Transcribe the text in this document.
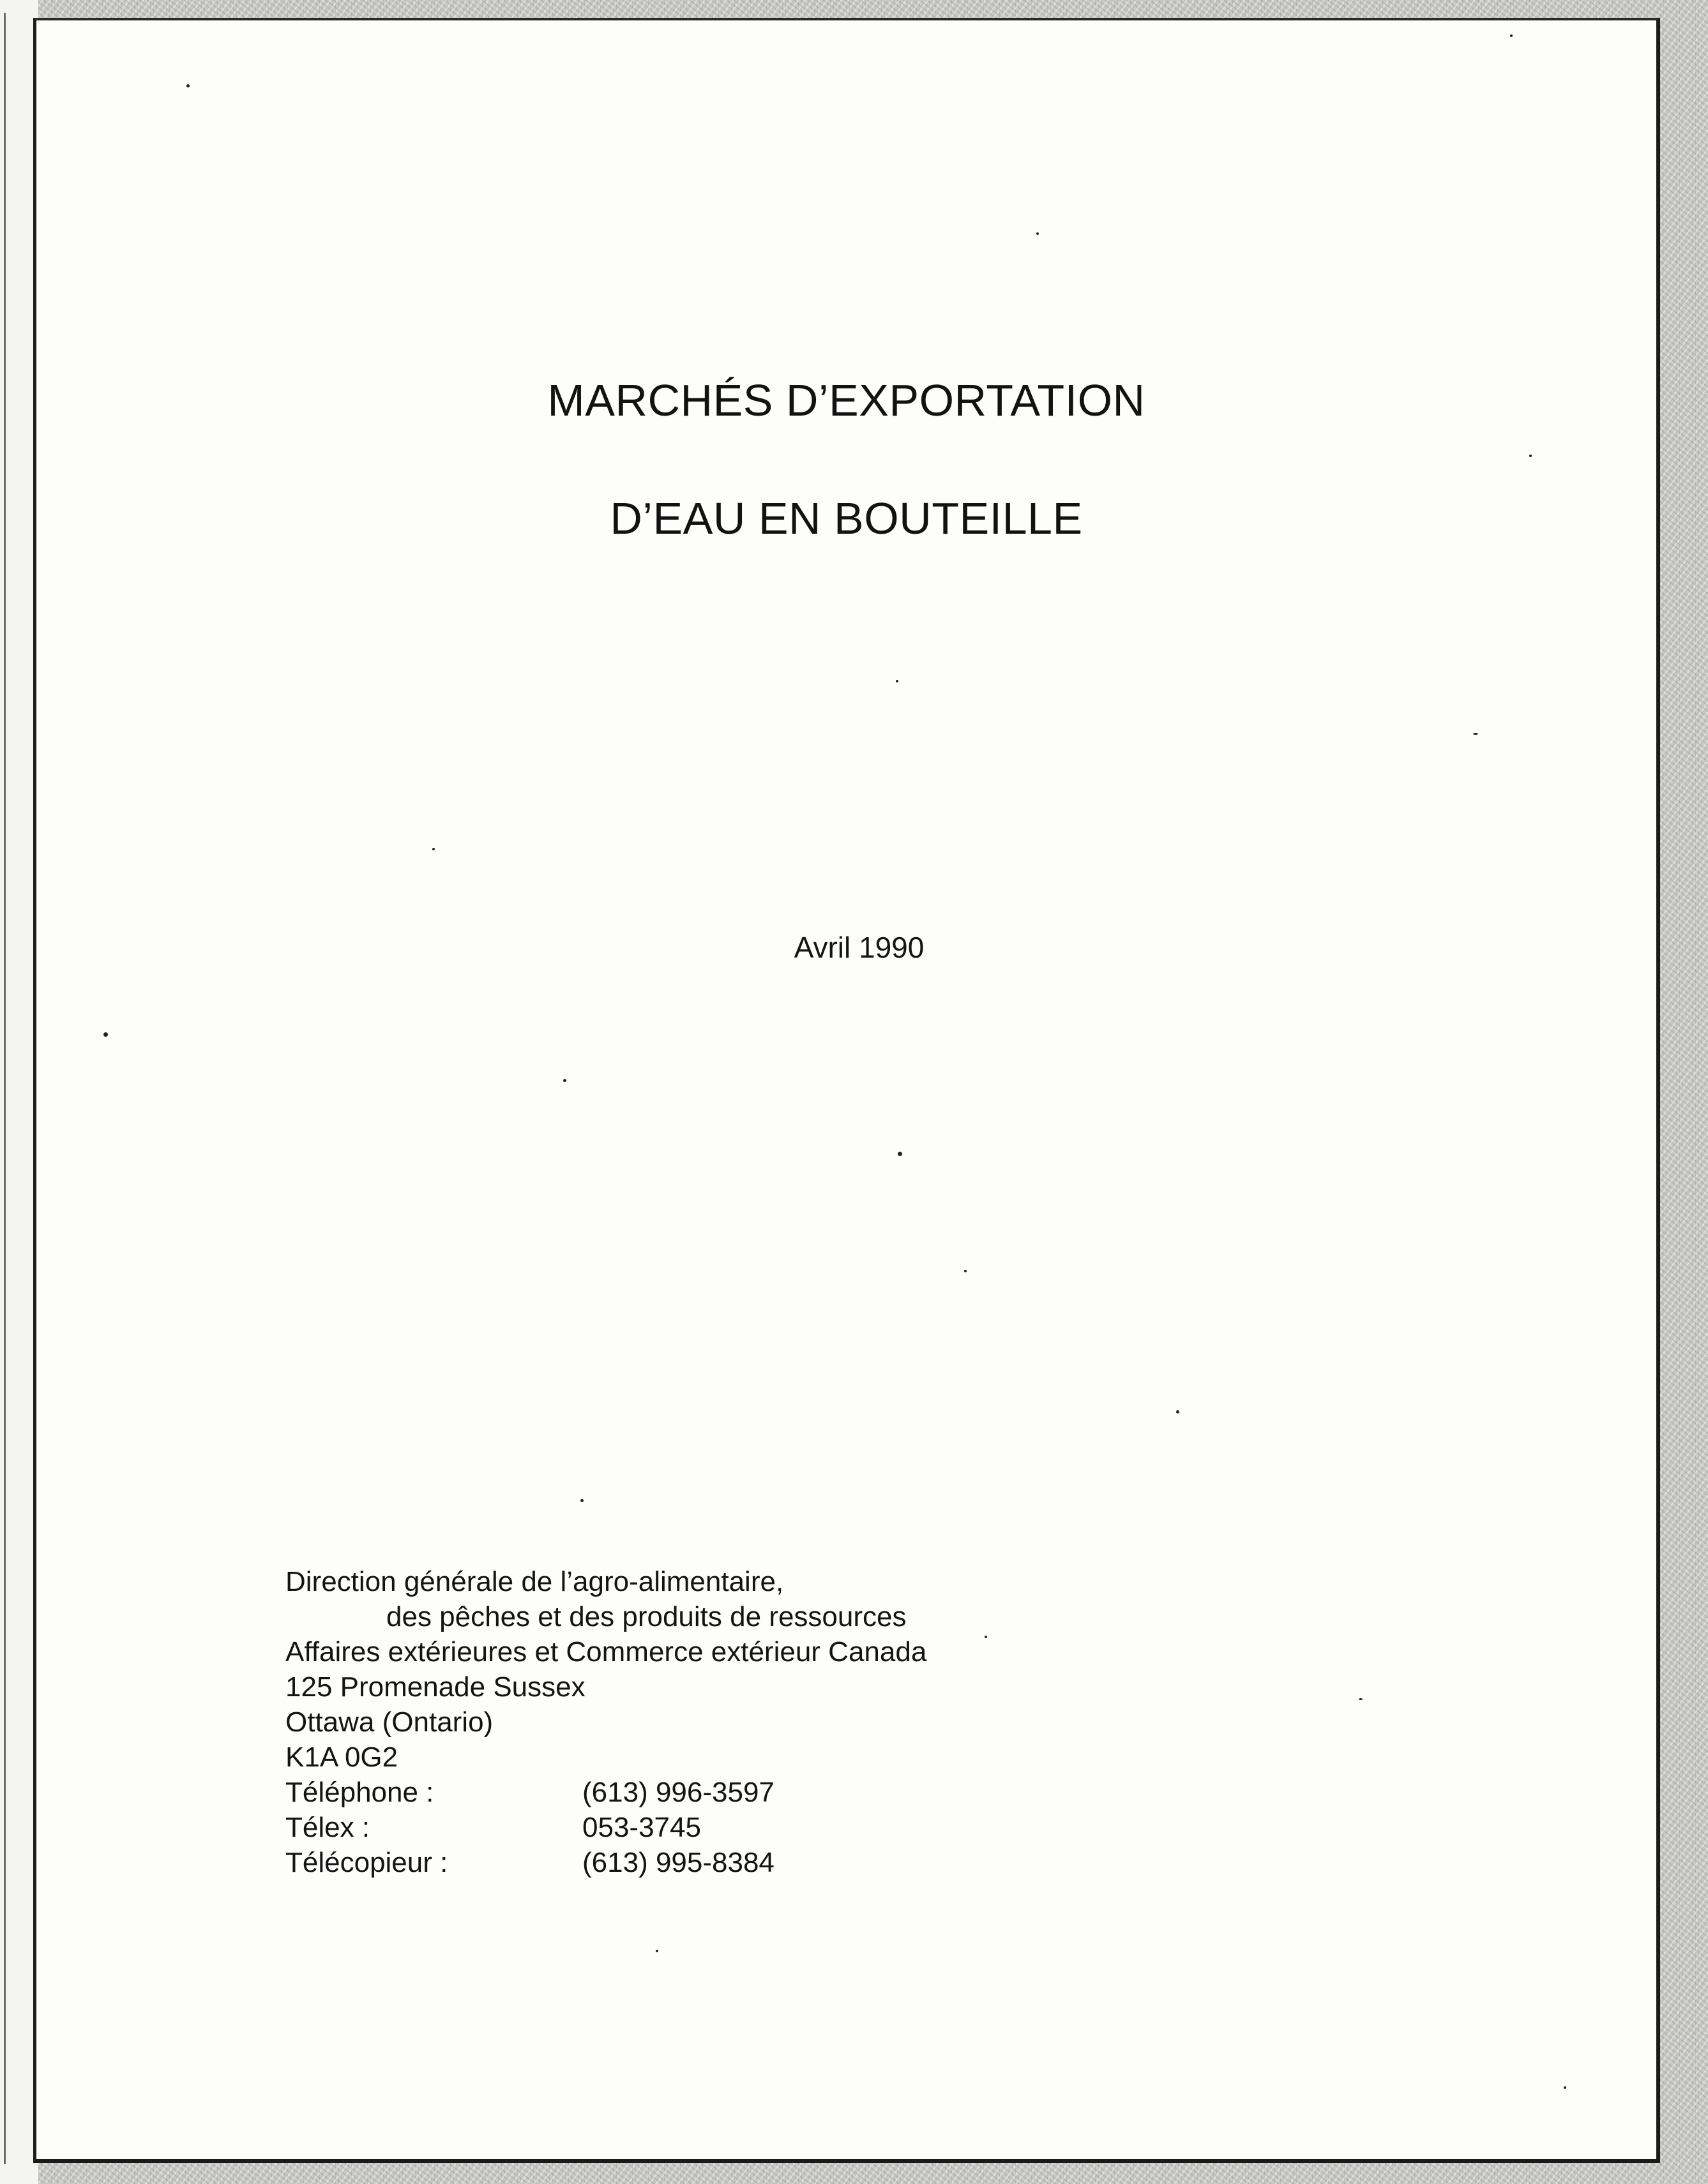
MARCHÉS D’EXPORTATION
D’EAU EN BOUTEILLE

Avril 1990

Direction générale de l’agro-alimentaire,
des pêches et des produits de ressources
Affaires extérieures et Commerce extérieur Canada
125 Promenade Sussex
Ottawa (Ontario)
K1A 0G2
Téléphone :	(613) 996-3597
Télex :	053-3745
Télécopieur :	(613) 995-8384
